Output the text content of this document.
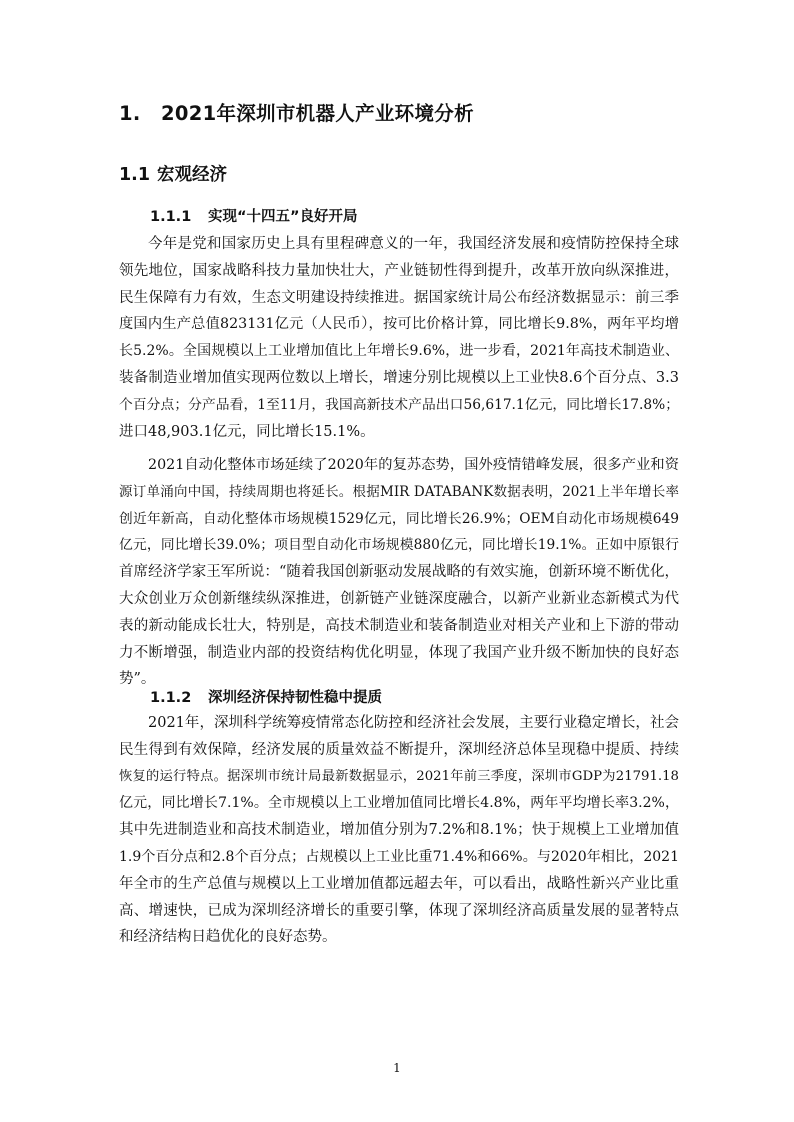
1. 2021年深圳市机器人产业环境分析
1.1 宏观经济
1.1.1 实现“十四五”良好开局
今年是党和国家历史上具有里程碑意义的一年，我国经济发展和疫情防控保持全球
领先地位，国家战略科技力量加快壮大，产业链韧性得到提升，改革开放向纵深推进，
民生保障有力有效，生态文明建设持续推进。据国家统计局公布经济数据显示：前三季
度国内生产总值823131亿元（人民币），按可比价格计算，同比增长9.8%，两年平均增
长5.2%。全国规模以上工业增加值比上年增长9.6%，进一步看，2021年高技术制造业、
装备制造业增加值实现两位数以上增长，增速分别比规模以上工业快8.6个百分点、3.3
个百分点；分产品看，1至11月，我国高新技术产品出口56,617.1亿元，同比增长17.8%；
进口48,903.1亿元，同比增长15.1%。
2021自动化整体市场延续了2020年的复苏态势，国外疫情错峰发展，很多产业和资
源订单涌向中国，持续周期也将延长。根据MIR DATABANK数据表明，2021上半年增长率
创近年新高，自动化整体市场规模1529亿元，同比增长26.9%；OEM自动化市场规模649
亿元，同比增长39.0%；项目型自动化市场规模880亿元，同比增长19.1%。正如中原银行
首席经济学家王军所说：“随着我国创新驱动发展战略的有效实施，创新环境不断优化，
大众创业万众创新继续纵深推进，创新链产业链深度融合，以新产业新业态新模式为代
表的新动能成长壮大，特别是，高技术制造业和装备制造业对相关产业和上下游的带动
力不断增强，制造业内部的投资结构优化明显，体现了我国产业升级不断加快的良好态
势”。
1.1.2 深圳经济保持韧性稳中提质
2021年，深圳科学统筹疫情常态化防控和经济社会发展，主要行业稳定增长，社会
民生得到有效保障，经济发展的质量效益不断提升，深圳经济总体呈现稳中提质、持续
恢复的运行特点。据深圳市统计局最新数据显示，2021年前三季度，深圳市GDP为21791.18
亿元，同比增长7.1%。全市规模以上工业增加值同比增长4.8%，两年平均增长率3.2%，
其中先进制造业和高技术制造业，增加值分别为7.2%和8.1%；快于规模上工业增加值
1.9个百分点和2.8个百分点；占规模以上工业比重71.4%和66%。与2020年相比，2021
年全市的生产总值与规模以上工业增加值都远超去年，可以看出，战略性新兴产业比重
高、增速快，已成为深圳经济增长的重要引擎，体现了深圳经济高质量发展的显著特点
和经济结构日趋优化的良好态势。
1
